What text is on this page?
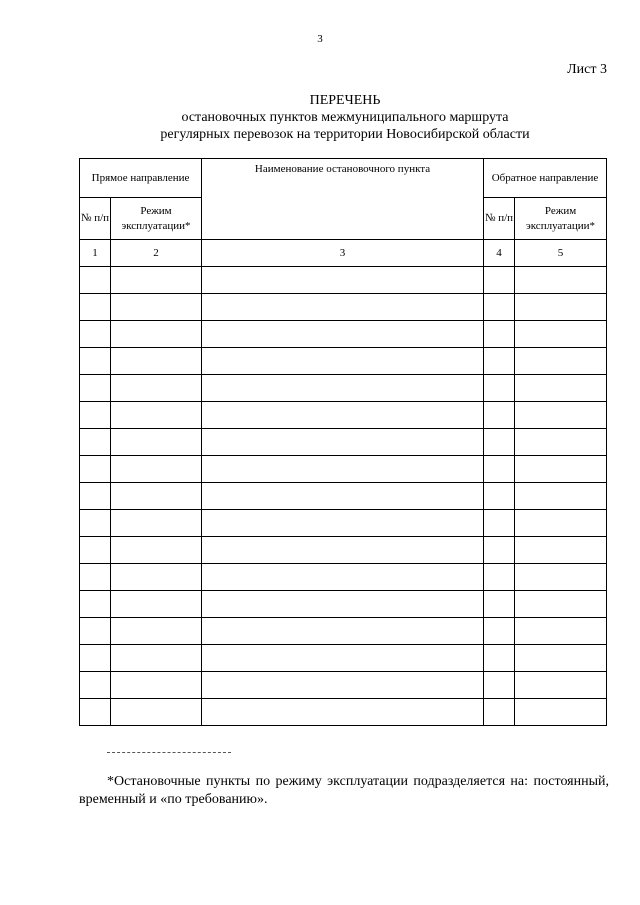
3
Лист 3
ПЕРЕЧЕНЬ
остановочных пунктов межмуниципального маршрута
регулярных перевозок на территории Новосибирской области
Прямое направление		Наименование остановочного пункта	Обратное направление	
№ п/п	Режим эксплуатации*		№ п/п	Режим эксплуатации*
1	2	3	4	5

*Остановочные пункты по режиму эксплуатации подразделяется на: постоянный, временный и «по требованию».
